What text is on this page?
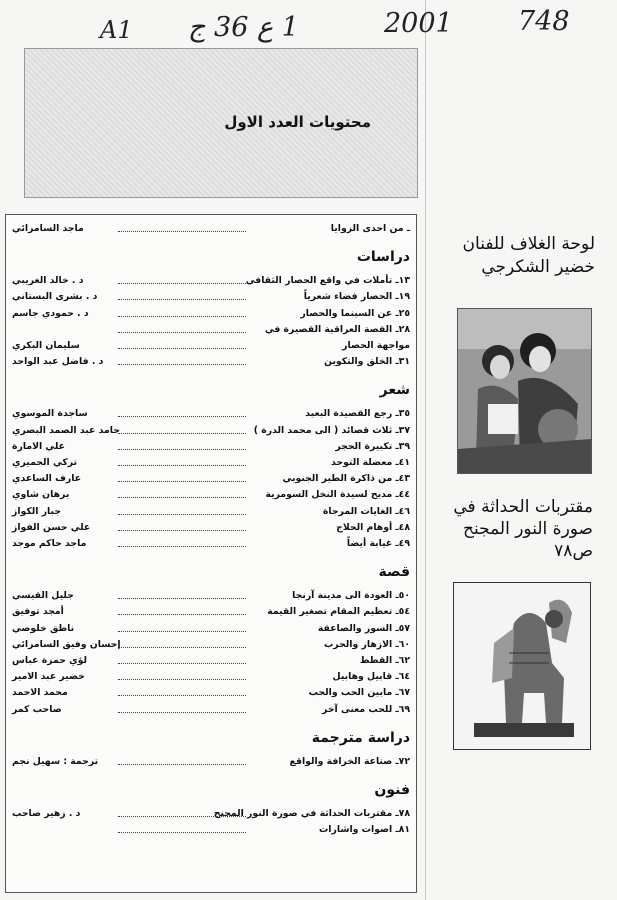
A1 1 ع 36 ج	2001 748
محتويات العدد الاول
ـ من احدى الزوايا
ماجد السامرائي
دراسات
١٣ـ تأملات في واقع الحصار الثقافي
د . خالد الغريبي
١٩ـ الحصار فضاء شعرياً
د . بشرى البستاني
٢٥ـ عن السينما والحصار
د . حمودي جاسم
٢٨ـ القصة العراقية القصيرة في
مواجهة الحصار
سليمان البكري
٣١ـ الخلق والتكوين
د . فاضل عبد الواحد
شعر
٣٥ـ رجع القصيدة البعيد
ساجدة الموسوي
٣٧ـ ثلاث قصائد ( الى محمد الدرة )
حامد عبد الصمد البصري
٣٩ـ تكبيرة الحجر
علي الامارة
٤١ـ معضلة التوحد
تركي الحميري
٤٣ـ من ذاكرة الطير الجنوبي
عارف الساعدي
٤٤ـ مديح لسيدة النخل السومرية
برهان شاوي
٤٦ـ الغايات المرجاة
جبار الكواز
٤٨ـ أوهام الحلاج
علي حسن الفواز
٤٩ـ غيابة أيضاً
ماجد حاكم موجد
قصة
٥٠ـ العودة الى مدينة آرنجا
جليل القيسي
٥٤ـ تعظيم المقام تصغير القيمة
أمجد توفيق
٥٧ـ السور والصاعقة
ناطق خلوصي
٦٠ـ الازهار والحرب
إحسان وفيق السامرائي
٦٢ـ القطط
لؤي حمزة عباس
٦٤ـ قابيل وهابيل
خضير عبد الامير
٦٧ـ مابين الحب والحب
محمد الاحمد
٦٩ـ للحب معنى آخر
صاحب كمر
دراسة مترجمة
٧٢ـ صناعة الخرافة والواقع
ترجمة : سهيل نجم
فنون
٧٨ـ مقتربات الحداثة في صورة النور المجنح
د . زهير صاحب
٨١ـ اصوات واشارات
لوحة الغلاف للفنان
خضير الشكرجي
مقتربات الحداثة في
صورة النور المجنح
ص٧٨
